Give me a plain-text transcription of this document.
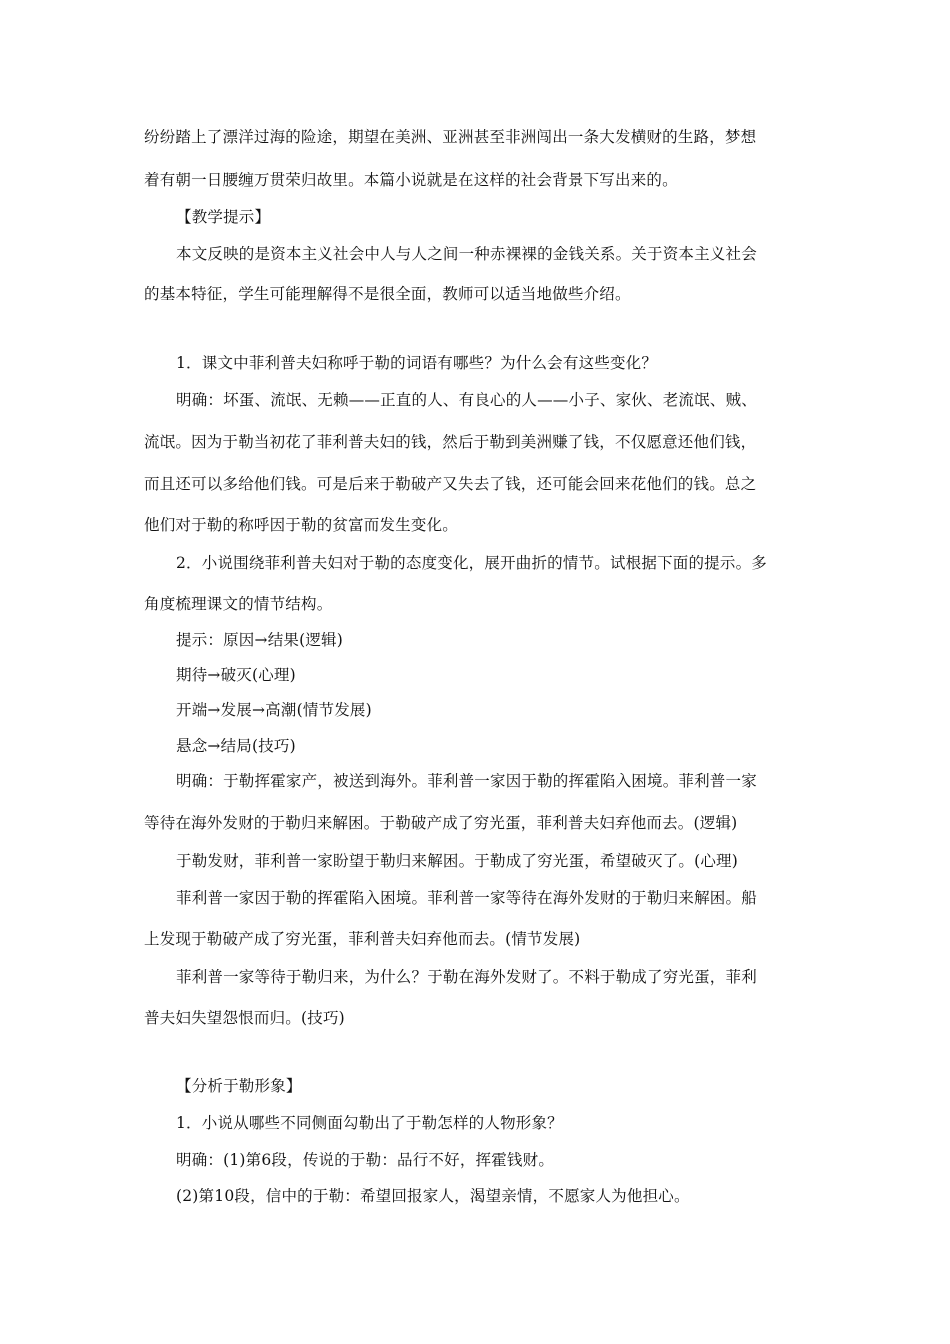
纷纷踏上了漂洋过海的险途，期望在美洲、亚洲甚至非洲闯出一条大发横财的生路，梦想
着有朝一日腰缠万贯荣归故里。本篇小说就是在这样的社会背景下写出来的。
【教学提示】
本文反映的是资本主义社会中人与人之间一种赤裸裸的金钱关系。关于资本主义社会
的基本特征，学生可能理解得不是很全面，教师可以适当地做些介绍。
1．课文中菲利普夫妇称呼于勒的词语有哪些？为什么会有这些变化？
明确：坏蛋、流氓、无赖——正直的人、有良心的人——小子、家伙、老流氓、贼、
流氓。因为于勒当初花了菲利普夫妇的钱，然后于勒到美洲赚了钱，不仅愿意还他们钱，
而且还可以多给他们钱。可是后来于勒破产又失去了钱，还可能会回来花他们的钱。总之
他们对于勒的称呼因于勒的贫富而发生变化。
2．小说围绕菲利普夫妇对于勒的态度变化，展开曲折的情节。试根据下面的提示。多
角度梳理课文的情节结构。
提示：原因→结果(逻辑)
期待→破灭(心理)
开端→发展→高潮(情节发展)
悬念→结局(技巧)
明确：于勒挥霍家产，被送到海外。菲利普一家因于勒的挥霍陷入困境。菲利普一家
等待在海外发财的于勒归来解困。于勒破产成了穷光蛋，菲利普夫妇弃他而去。(逻辑)
于勒发财，菲利普一家盼望于勒归来解困。于勒成了穷光蛋，希望破灭了。(心理)
菲利普一家因于勒的挥霍陷入困境。菲利普一家等待在海外发财的于勒归来解困。船
上发现于勒破产成了穷光蛋，菲利普夫妇弃他而去。(情节发展)
菲利普一家等待于勒归来，为什么？于勒在海外发财了。不料于勒成了穷光蛋，菲利
普夫妇失望怨恨而归。(技巧)
【分析于勒形象】
1．小说从哪些不同侧面勾勒出了于勒怎样的人物形象？
明确：(1)第6段，传说的于勒：品行不好，挥霍钱财。
(2)第10段，信中的于勒：希望回报家人，渴望亲情，不愿家人为他担心。
